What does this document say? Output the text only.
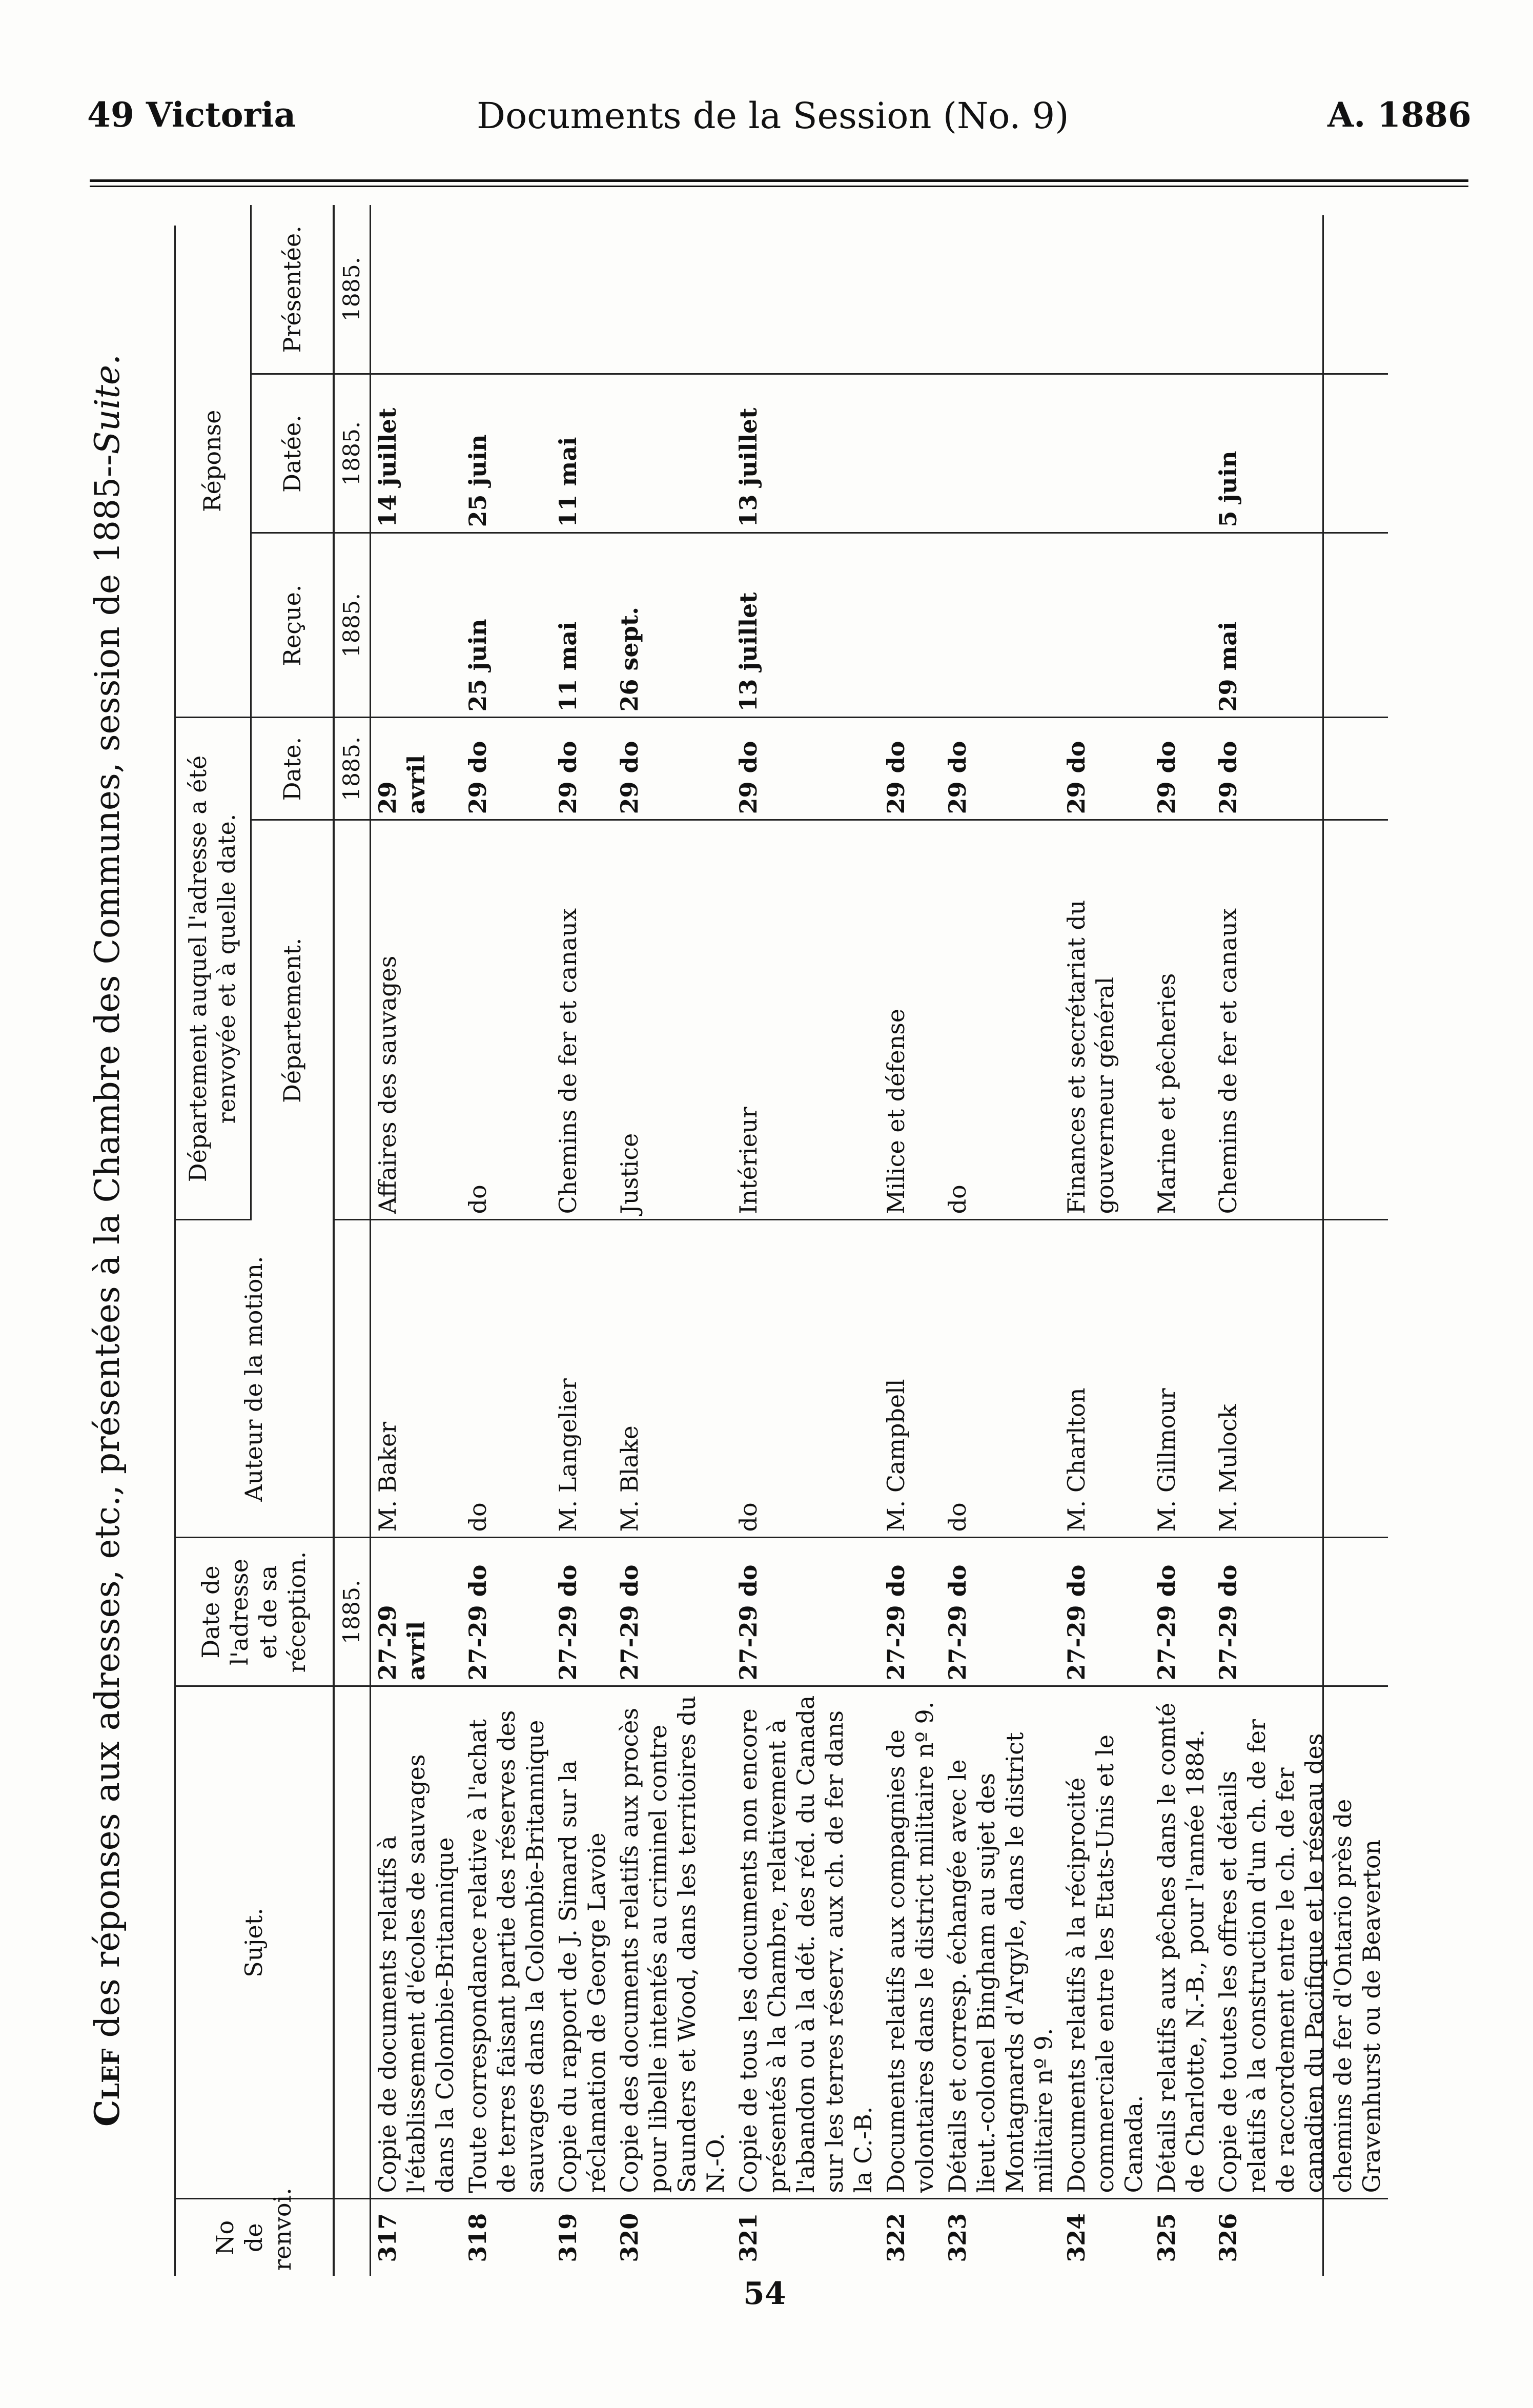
49 Victoria	Documents de la Session (No. 9)	A. 1886
Clef des réponses aux adresses, etc., présentées à la Chambre des Communes, session de 1885--Suite.
No de renvoi.	Sujet.	Date de l'adresse et de sa réception.	Auteur de la motion.	Département auquel l'adresse a été renvoyée et à quelle date.		Réponse		
				Département.	Date.	Reçue.	Datée.	Présentée.
		1885.			1885.	1885.	1885.	1885.
317	Copie de documents relatifs à l'établissement d'écoles de sauvages dans la Colombie-Britannique	27-29 avril	M. Baker	Affaires des sauvages	29 avril		14 juillet	
318	Toute correspondance relative à l'achat de terres faisant partie des réserves des sauvages dans la Colombie-Britannique	27-29 do	do	do	29 do	25 juin	25 juin	
319	Copie du rapport de J. Simard sur la réclamation de George Lavoie	27-29 do	M. Langelier	Chemins de fer et canaux	29 do	11 mai	11 mai	
320	Copie des documents relatifs aux procès pour libelle intentés au criminel contre Saunders et Wood, dans les territoires du N.-O.	27-29 do	M. Blake	Justice	29 do	26 sept.		
321	Copie de tous les documents non encore présentés à la Chambre, relativement à l'abandon ou à la dét. des réd. du Canada sur les terres réserv. aux ch. de fer dans la C.-B.	27-29 do	do	Intérieur	29 do	13 juillet	13 juillet	
322	Documents relatifs aux compagnies de volontaires dans le district militaire nº 9.	27-29 do	M. Campbell	Milice et défense	29 do			
323	Détails et corresp. échangée avec le lieut.-colonel Bingham au sujet des Montagnards d'Argyle, dans le district militaire nº 9.	27-29 do	do	do	29 do			
324	Documents relatifs à la réciprocité commerciale entre les Etats-Unis et le Canada.	27-29 do	M. Charlton	Finances et secrétariat du gouverneur général	29 do			
325	Détails relatifs aux pêches dans le comté de Charlotte, N.-B., pour l'année 1884.	27-29 do	M. Gillmour	Marine et pêcheries	29 do			
326	Copie de toutes les offres et détails relatifs à la construction d'un ch. de fer de raccordement entre le ch. de fer canadien du Pacifique et le réseau des chemins de fer d'Ontario près de Gravenhurst ou de Beaverton	27-29 do	M. Mulock	Chemins de fer et canaux	29 do	29 mai	5 juin	
54
